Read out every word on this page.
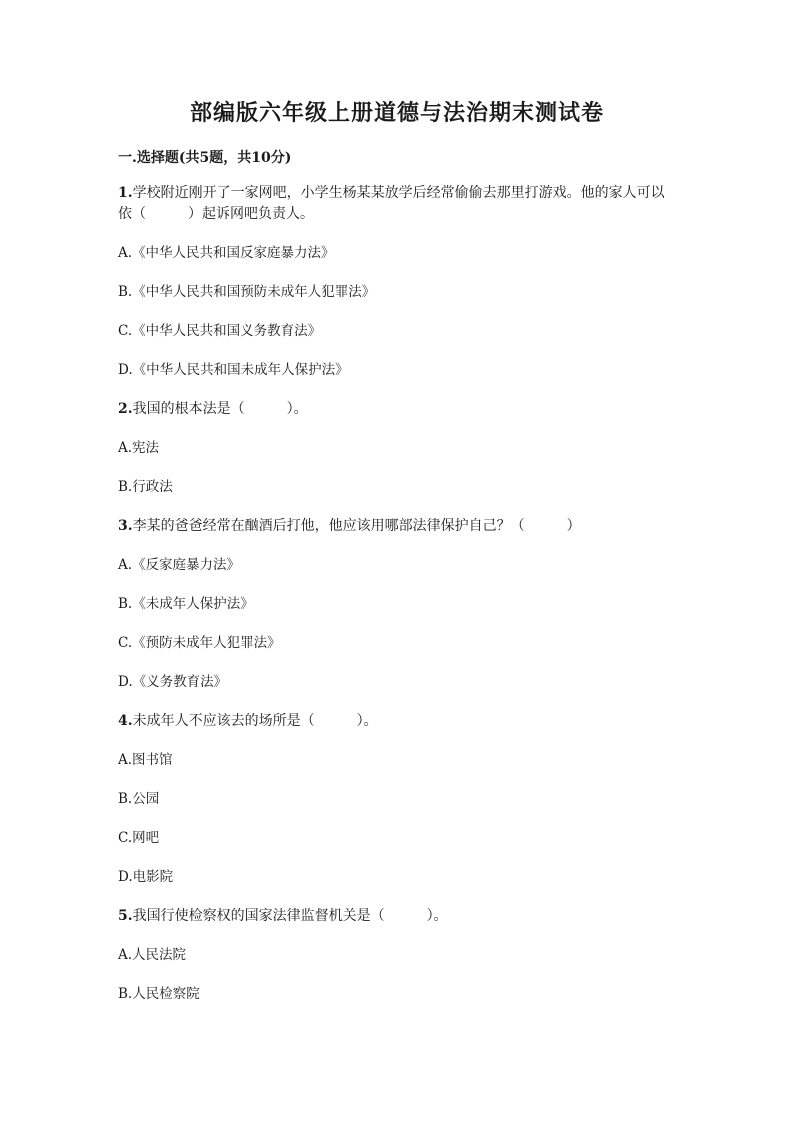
部编版六年级上册道德与法治期末测试卷
一.选择题(共5题，共10分)
1.学校附近刚开了一家网吧，小学生杨某某放学后经常偷偷去那里打游戏。他的家人可以依（　　　）起诉网吧负责人。
A.《中华人民共和国反家庭暴力法》
B.《中华人民共和国预防未成年人犯罪法》
C.《中华人民共和国义务教育法》
D.《中华人民共和国未成年人保护法》
2.我国的根本法是（　　　）。
A.宪法
B.行政法
3.李某的爸爸经常在酗酒后打他，他应该用哪部法律保护自己？（　　　）
A.《反家庭暴力法》
B.《未成年人保护法》
C.《预防未成年人犯罪法》
D.《义务教育法》
4.未成年人不应该去的场所是（　　　）。
A.图书馆
B.公园
C.网吧
D.电影院
5.我国行使检察权的国家法律监督机关是（　　　）。
A.人民法院
B.人民检察院
